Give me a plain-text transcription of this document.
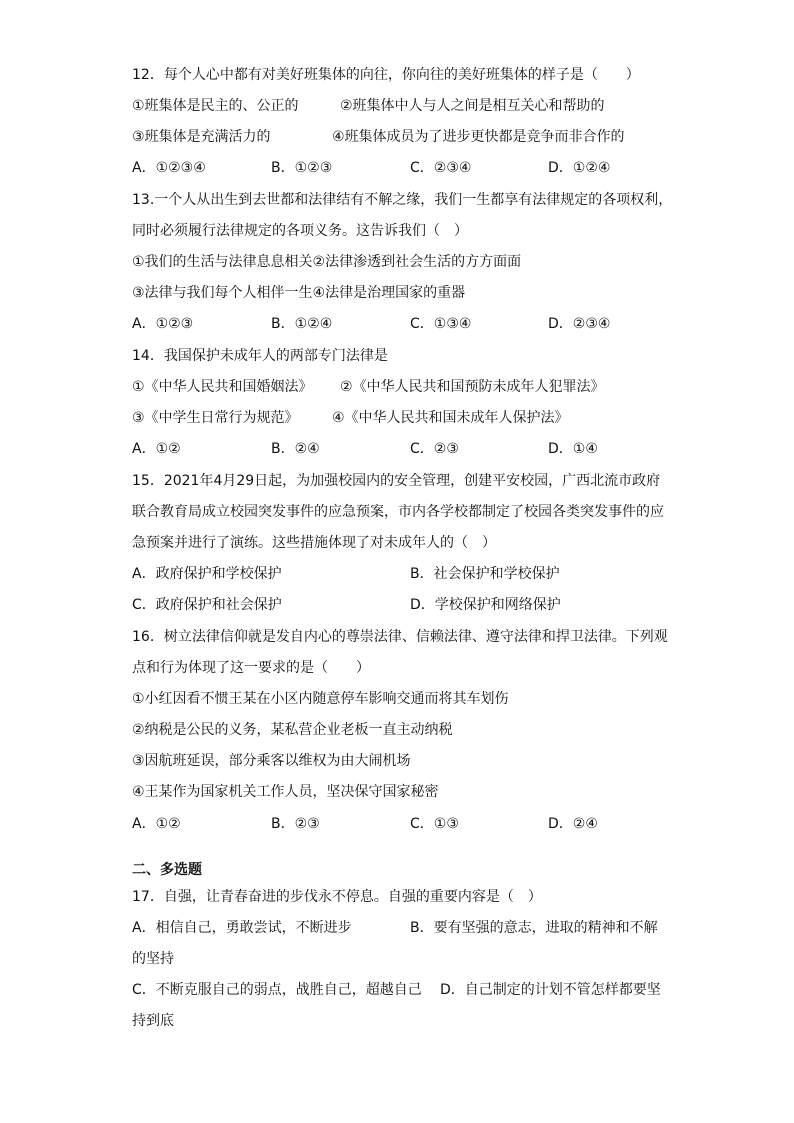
12．每个人心中都有对美好班集体的向往，你向往的美好班集体的样子是（　　）
①班集体是民主的、公正的	②班集体中人与人之间是相互关心和帮助的
③班集体是充满活力的	④班集体成员为了进步更快都是竞争而非合作的
A．①②③④	B．①②③	C．②③④	D．①②④
13.一个人从出生到去世都和法律结有不解之缘，我们一生都享有法律规定的各项权利，
同时必须履行法律规定的各项义务。这告诉我们（　）
①我们的生活与法律息息相关②法律渗透到社会生活的方方面面
③法律与我们每个人相伴一生④法律是治理国家的重器
A．①②③	B．①②④	C．①③④	D．②③④
14．我国保护未成年人的两部专门法律是
①《中华人民共和国婚姻法》 ②《中华人民共和国预防未成年人犯罪法》
③《中学生日常行为规范》 ④《中华人民共和国未成年人保护法》
A．①②	B．②④	C．②③	D．①④
15．2021年4月29日起，为加强校园内的安全管理，创建平安校园，广西北流市政府
联合教育局成立校园突发事件的应急预案，市内各学校都制定了校园各类突发事件的应
急预案并进行了演练。这些措施体现了对未成年人的（　）
A．政府保护和学校保护	B．社会保护和学校保护
C．政府保护和社会保护	D．学校保护和网络保护
16．树立法律信仰就是发自内心的尊崇法律、信赖法律、遵守法律和捍卫法律。下列观
点和行为体现了这一要求的是（　　）
①小红因看不惯王某在小区内随意停车影响交通而将其车划伤
②纳税是公民的义务，某私营企业老板一直主动纳税
③因航班延误，部分乘客以维权为由大闹机场
④王某作为国家机关工作人员，坚决保守国家秘密
A．①②	B．②③	C．①③	D．②④
二、多选题
17．自强，让青春奋进的步伐永不停息。自强的重要内容是（　）
A．相信自己，勇敢尝试，不断进步	B．要有坚强的意志，进取的精神和不解
的坚持
C．不断克服自己的弱点，战胜自己，超越自己 D．自己制定的计划不管怎样都要坚
持到底
